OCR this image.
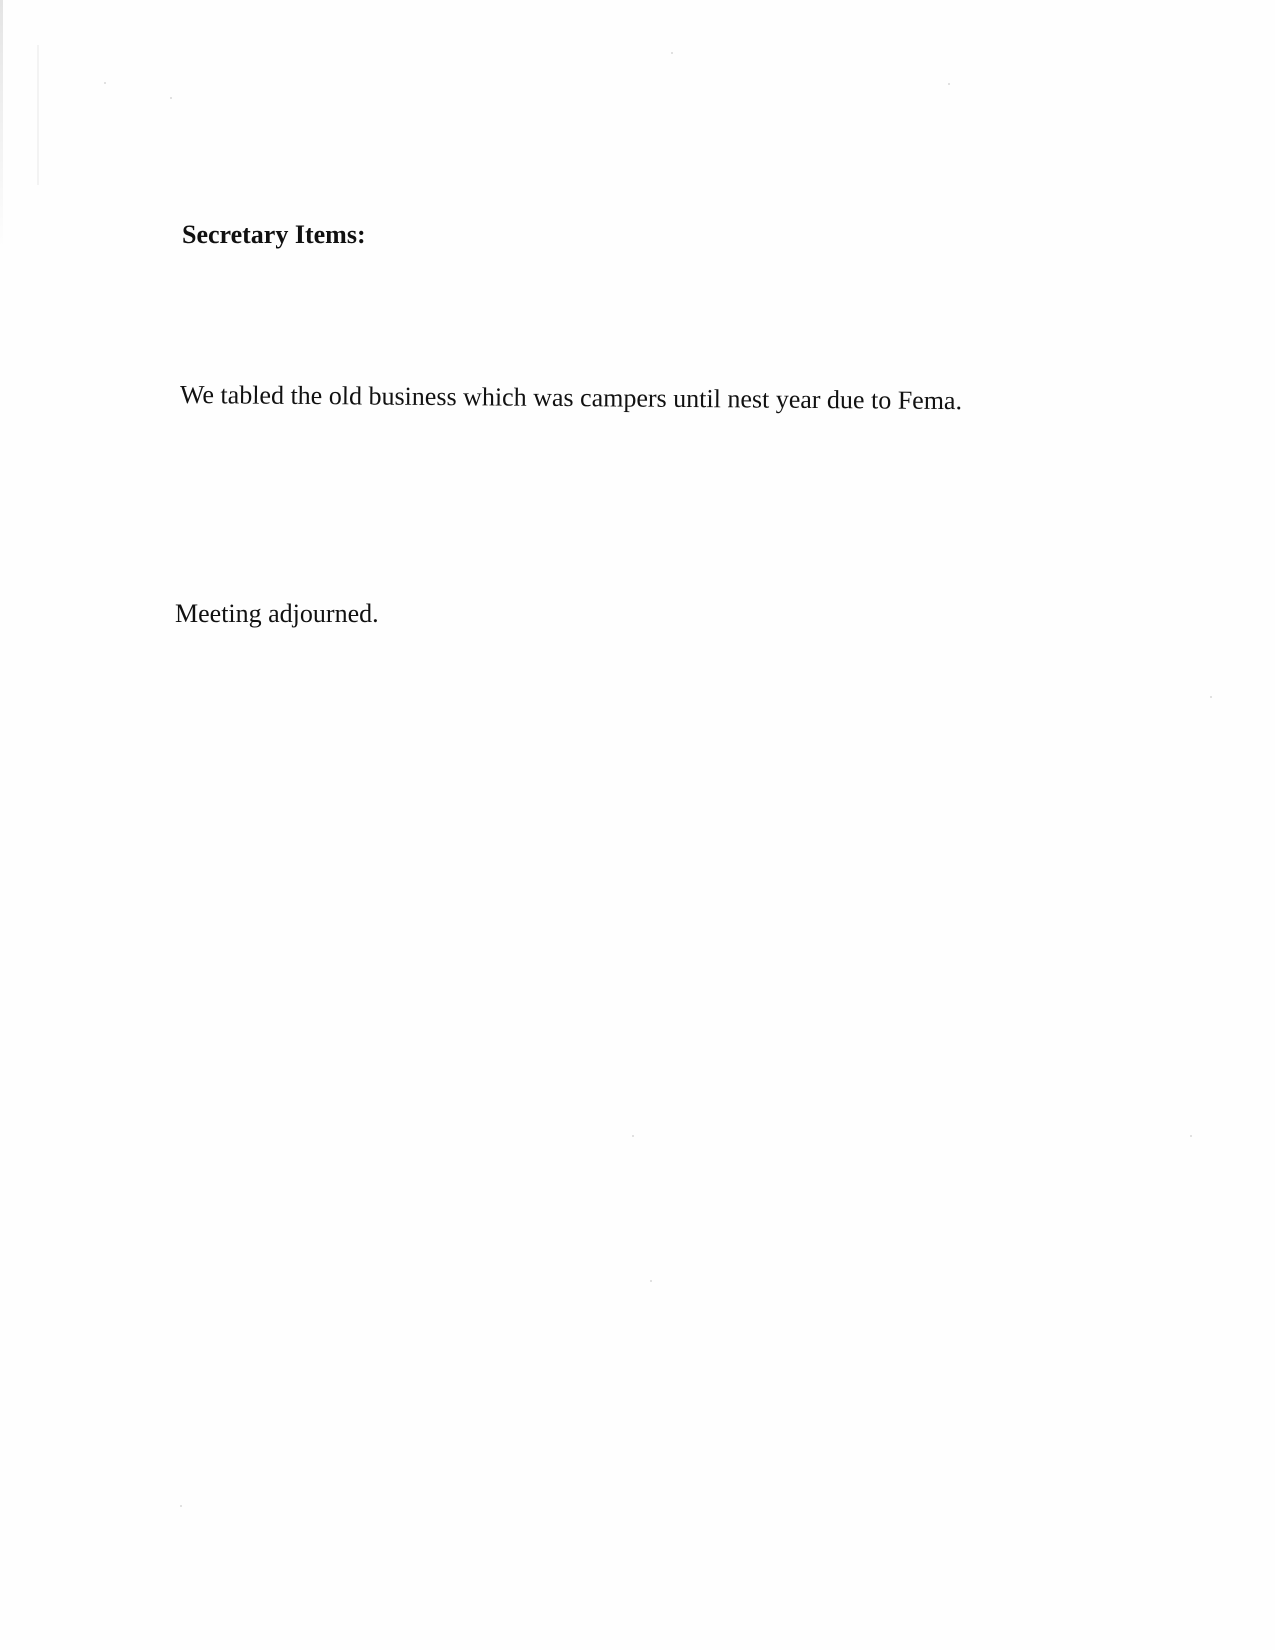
Secretary Items:

We tabled the old business which was campers until nest year due to Fema.

Meeting adjourned.
